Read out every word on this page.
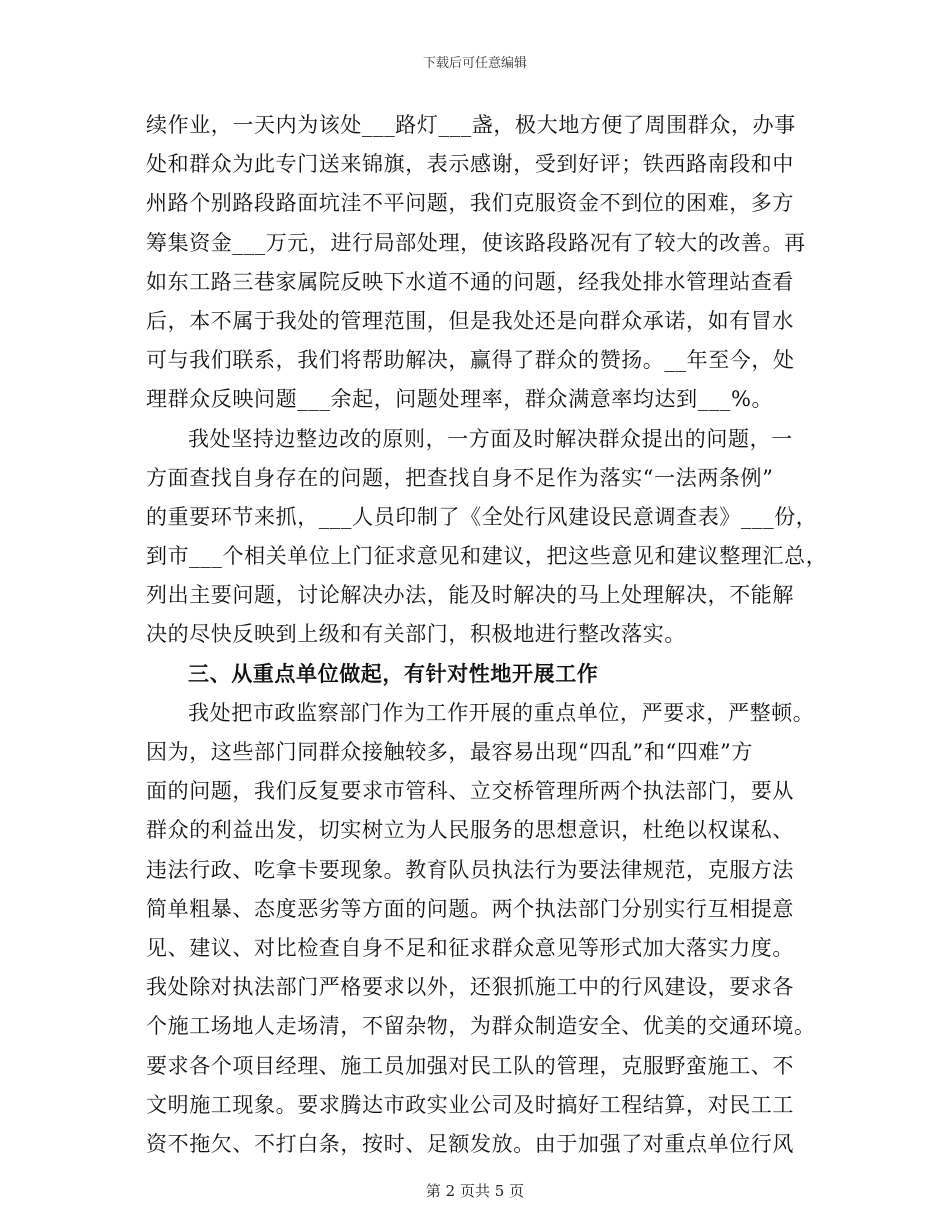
下载后可任意编辑
续作业，一天内为该处___路灯___盏，极大地方便了周围群众，办事
处和群众为此专门送来锦旗，表示感谢，受到好评；铁西路南段和中
州路个别路段路面坑洼不平问题，我们克服资金不到位的困难，多方
筹集资金___万元，进行局部处理，使该路段路况有了较大的改善。再
如东工路三巷家属院反映下水道不通的问题，经我处排水管理站查看
后，本不属于我处的管理范围，但是我处还是向群众承诺，如有冒水
可与我们联系，我们将帮助解决，赢得了群众的赞扬。__年至今，处
理群众反映问题___余起，问题处理率，群众满意率均达到___%。
我处坚持边整边改的原则，一方面及时解决群众提出的问题，一
方面查找自身存在的问题，把查找自身不足作为落实“一法两条例”
的重要环节来抓，___人员印制了《全处行风建设民意调查表》___份，
到市___个相关单位上门征求意见和建议，把这些意见和建议整理汇总，
列出主要问题，讨论解决办法，能及时解决的马上处理解决，不能解
决的尽快反映到上级和有关部门，积极地进行整改落实。
三、从重点单位做起，有针对性地开展工作
我处把市政监察部门作为工作开展的重点单位，严要求，严整顿。
因为，这些部门同群众接触较多，最容易出现“四乱”和“四难”方
面的问题，我们反复要求市管科、立交桥管理所两个执法部门，要从
群众的利益出发，切实树立为人民服务的思想意识，杜绝以权谋私、
违法行政、吃拿卡要现象。教育队员执法行为要法律规范，克服方法
简单粗暴、态度恶劣等方面的问题。两个执法部门分别实行互相提意
见、建议、对比检查自身不足和征求群众意见等形式加大落实力度。
我处除对执法部门严格要求以外，还狠抓施工中的行风建设，要求各
个施工场地人走场清，不留杂物，为群众制造安全、优美的交通环境。
要求各个项目经理、施工员加强对民工队的管理，克服野蛮施工、不
文明施工现象。要求腾达市政实业公司及时搞好工程结算，对民工工
资不拖欠、不打白条，按时、足额发放。由于加强了对重点单位行风
第 2 页共 5 页
